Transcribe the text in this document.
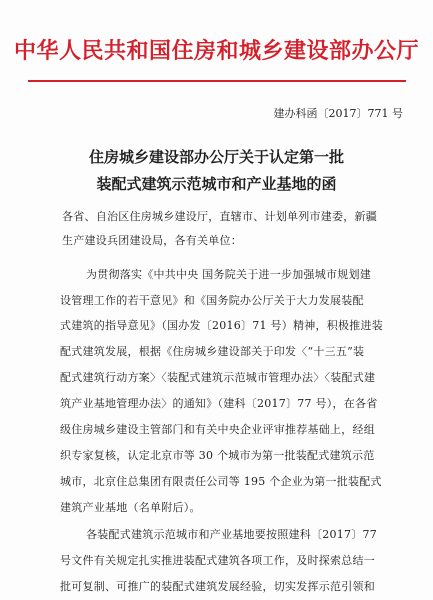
中华人民共和国住房和城乡建设部办公厅
建办科函〔2017〕771 号
住房城乡建设部办公厅关于认定第一批
装配式建筑示范城市和产业基地的函
各省、自治区住房城乡建设厅，直辖市、计划单列市建委，新疆
生产建设兵团建设局，各有关单位：
为贯彻落实《中共中央 国务院关于进一步加强城市规划建
设管理工作的若干意见》和《国务院办公厅关于大力发展装配
式建筑的指导意见》（国办发〔2016〕71 号）精神，积极推进装
配式建筑发展，根据《住房城乡建设部关于印发〈“十三五”装
配式建筑行动方案〉〈装配式建筑示范城市管理办法〉〈装配式建
筑产业基地管理办法〉的通知》（建科〔2017〕77 号），在各省
级住房城乡建设主管部门和有关中央企业评审推荐基础上，经组
织专家复核，认定北京市等 30 个城市为第一批装配式建筑示范
城市，北京住总集团有限责任公司等 195 个企业为第一批装配式
建筑产业基地（名单附后）。
各装配式建筑示范城市和产业基地要按照建科〔2017〕77
号文件有关规定扎实推进装配式建筑各项工作，及时探索总结一
批可复制、可推广的装配式建筑发展经验，切实发挥示范引领和
